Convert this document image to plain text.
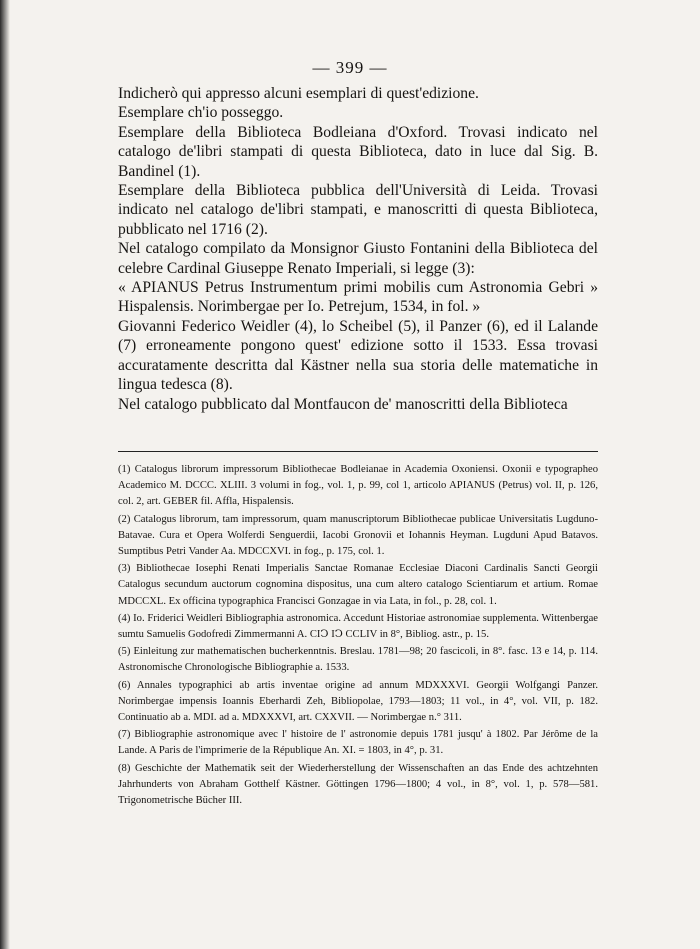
— 399 —

Indicherò qui appresso alcuni esemplari di quest'edizione.

Esemplare ch'io posseggo.

Esemplare della Biblioteca Bodleiana d'Oxford. Trovasi indicato nel catalogo de'libri stampati di questa Biblioteca, dato in luce dal Sig. B. Bandinel (1).

Esemplare della Biblioteca pubblica dell'Università di Leida. Trovasi indicato nel catalogo de'libri stampati, e manoscritti di questa Biblioteca, pubblicato nel 1716 (2).

Nel catalogo compilato da Monsignor Giusto Fontanini della Biblioteca del celebre Cardinal Giuseppe Renato Imperiali, si legge (3):

« APIANUS Petrus Instrumentum primi mobilis cum Astronomia Gebri » Hispalensis. Norimbergae per Io. Petrejum, 1534, in fol. »

Giovanni Federico Weidler (4), lo Scheibel (5), il Panzer (6), ed il Lalande (7) erroneamente pongono quest' edizione sotto il 1533. Essa trovasi accuratamente descritta dal Kästner nella sua storia delle matematiche in lingua tedesca (8).

Nel catalogo pubblicato dal Montfaucon de' manoscritti della Biblioteca

(1) Catalogus librorum impressorum Bibliothecae Bodleianae in Academia Oxoniensi. Oxonii e typographeo Academico M. DCCC. XLIII. 3 volumi in fog., vol. 1, p. 99, col 1, articolo APIANUS (Petrus) vol. II, p. 126, col. 2, art. GEBER fil. Affla, Hispalensis.

(2) Catalogus librorum, tam impressorum, quam manuscriptorum Bibliothecae publicae Universitatis Lugduno-Batavae. Cura et Opera Wolferdi Senguerdii, Iacobi Gronovii et Iohannis Heyman. Lugduni Apud Batavos. Sumptibus Petri Vander Aa. MDCCXVI. in fog., p. 175, col. 1.

(3) Bibliothecae Iosephi Renati Imperialis Sanctae Romanae Ecclesiae Diaconi Cardinalis Sancti Georgii Catalogus secundum auctorum cognomina dispositus, una cum altero catalogo Scientiarum et artium. Romae MDCCXL. Ex officina typographica Francisci Gonzagae in via Lata, in fol., p. 28, col. 1.

(4) Io. Friderici Weidleri Bibliographia astronomica. Accedunt Historiae astronomiae supplementa. Wittenbergae sumtu Samuelis Godofredi Zimmermanni A. CIↃ IↃ CCLIV in 8°, Bibliog. astr., p. 15.

(5) Einleitung zur mathematischen bucherkenntnis. Breslau. 1781—98; 20 fascicoli, in 8°. fasc. 13 e 14, p. 114. Astronomische Chronologische Bibliographie a. 1533.

(6) Annales typographici ab artis inventae origine ad annum MDXXXVI. Georgii Wolfgangi Panzer. Norimbergae impensis Ioannis Eberhardi Zeh, Bibliopolae, 1793—1803; 11 vol., in 4°, vol. VII, p. 182. Continuatio ab a. MDI. ad a. MDXXXVI, art. CXXVII. — Norimbergae n.° 311.

(7) Bibliographie astronomique avec l' histoire de l' astronomie depuis 1781 jusqu' à 1802. Par Jérôme de la Lande. A Paris de l'imprimerie de la République An. XI. = 1803, in 4°, p. 31.

(8) Geschichte der Mathematik seit der Wiederherstellung der Wissenschaften an das Ende des achtzehnten Jahrhunderts von Abraham Gotthelf Kästner. Göttingen 1796—1800; 4 vol., in 8°, vol. 1, p. 578—581. Trigonometrische Bücher III.
